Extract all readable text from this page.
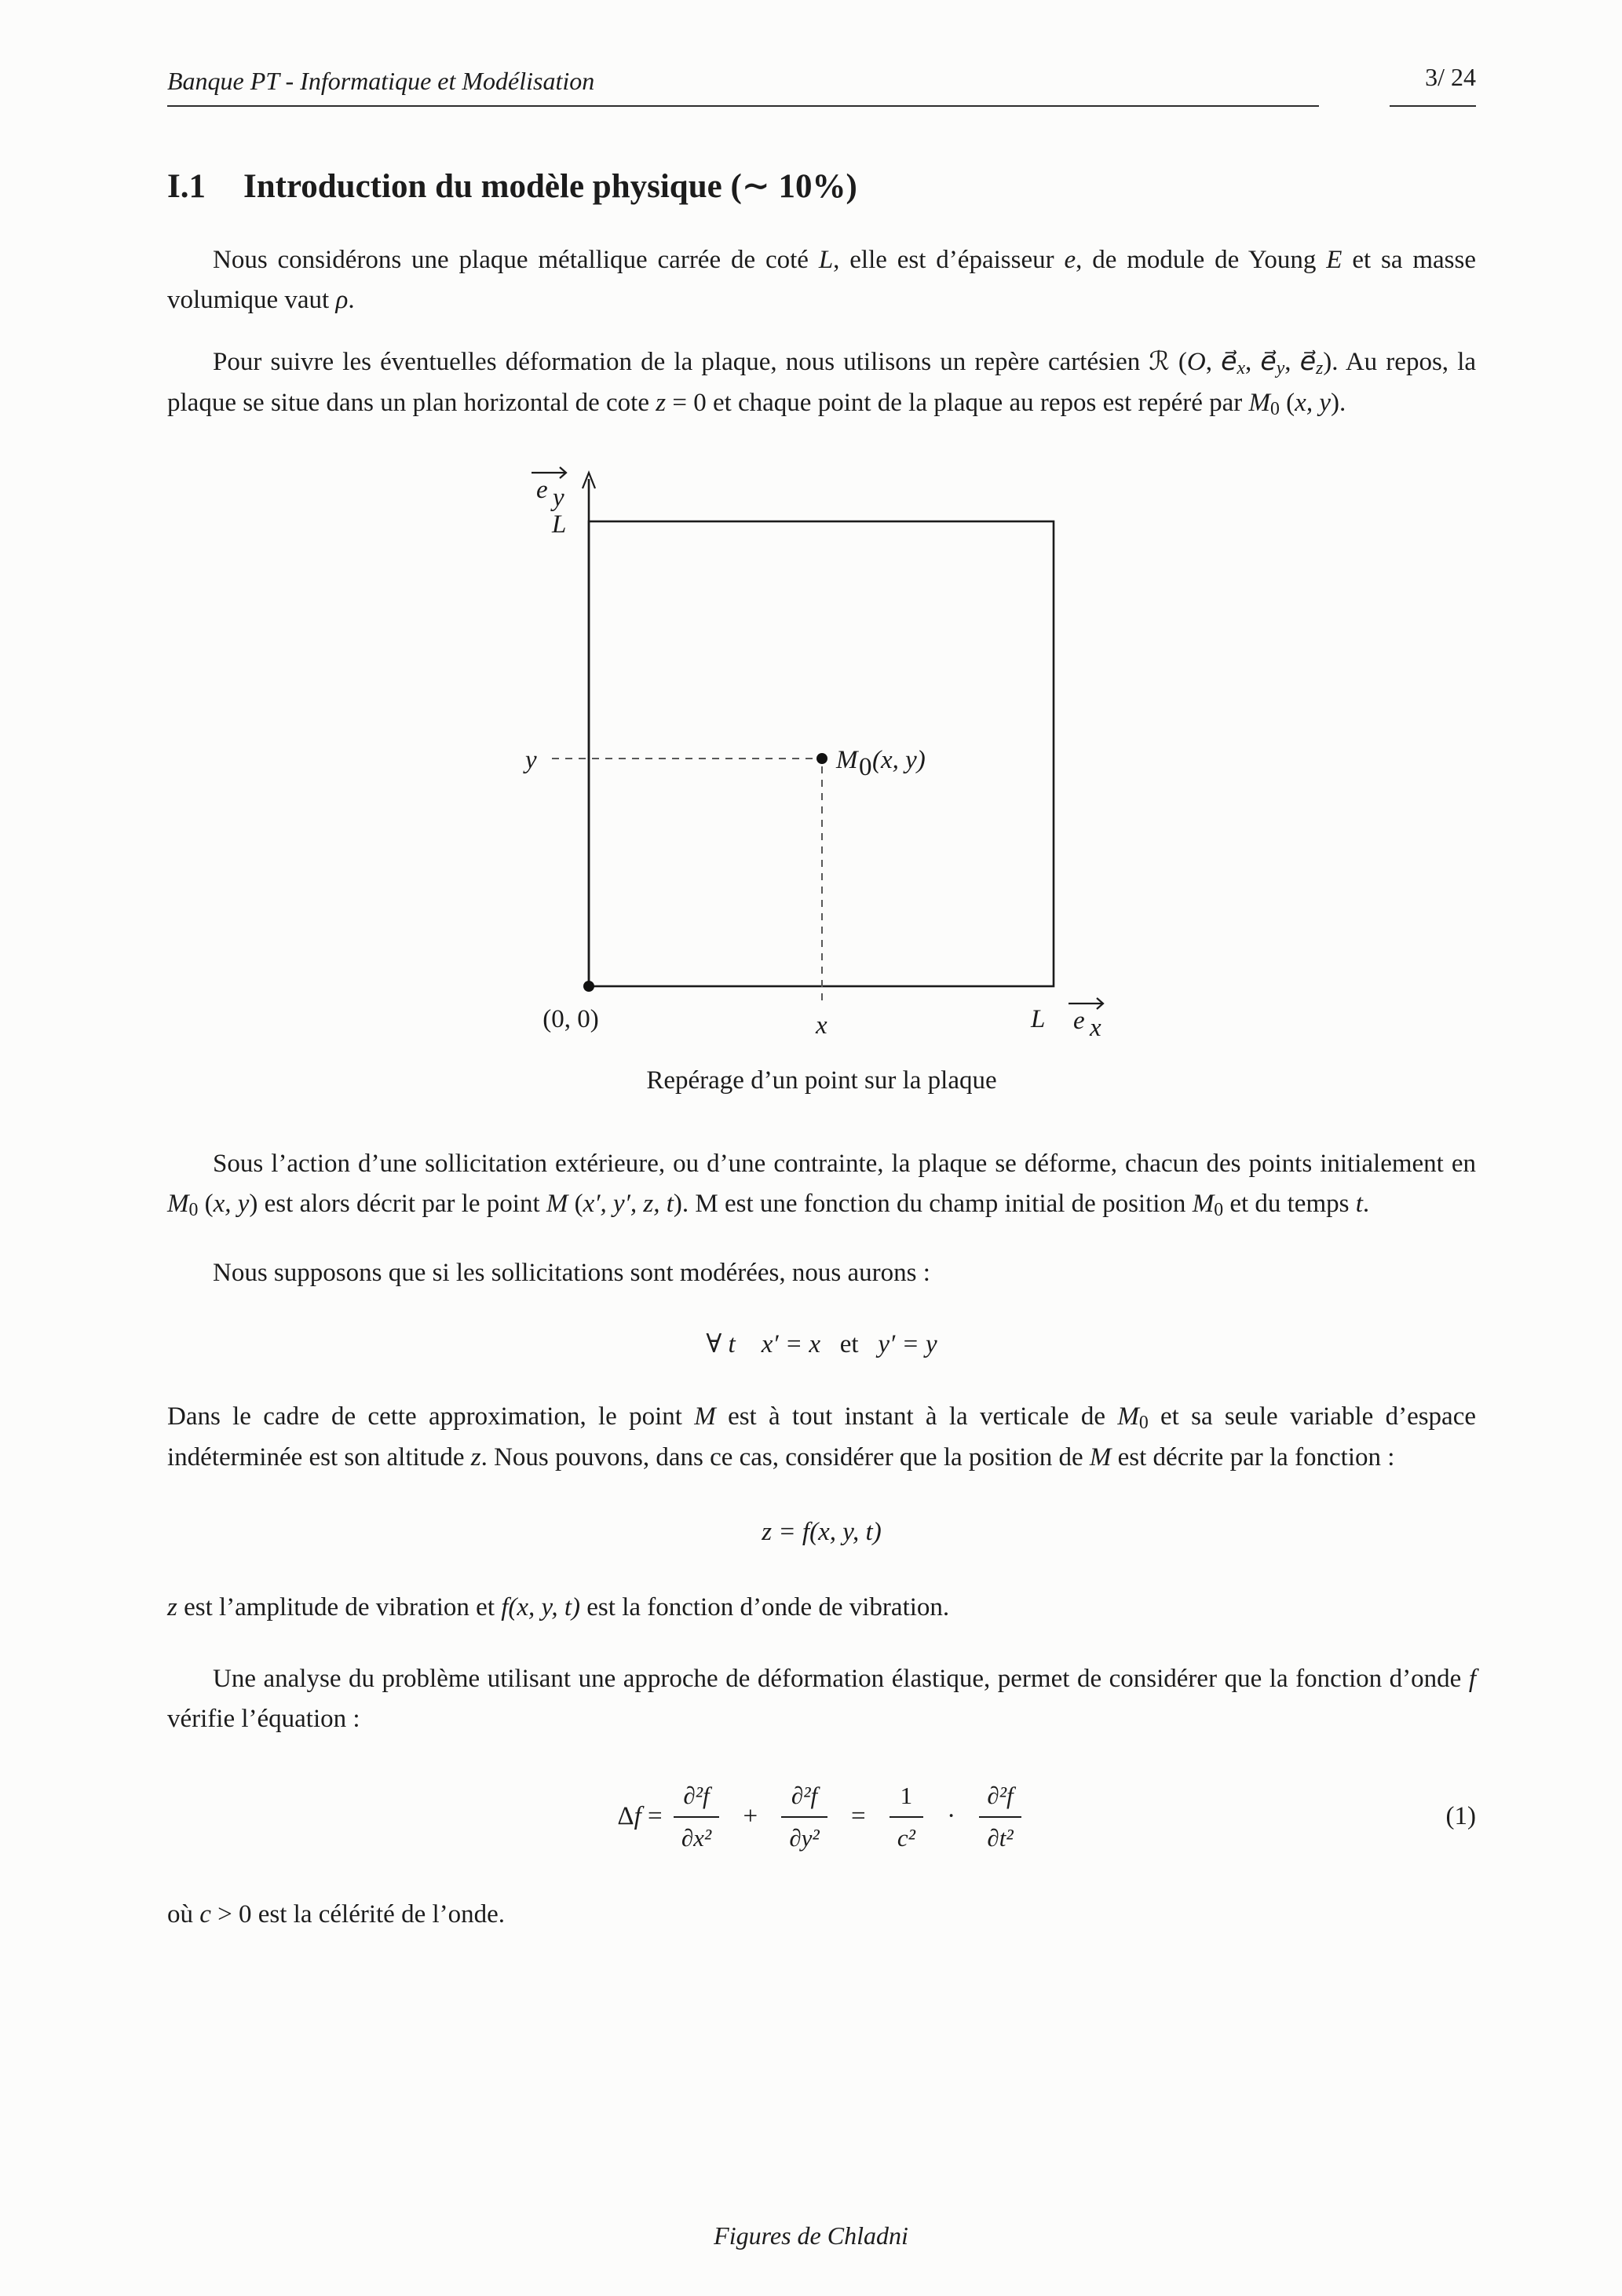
Banque PT - Informatique et Modélisation	3/ 24
I.1 Introduction du modèle physique (∼ 10%)

Nous considérons une plaque métallique carrée de coté L, elle est d’épaisseur e, de module de Young E et sa masse volumique vaut ρ.

Pour suivre les éventuelles déformation de la plaque, nous utilisons un repère cartésien ℛ (O, e⃗x, e⃗y, e⃗z). Au repos, la plaque se situe dans un plan horizontal de cote z = 0 et chaque point de la plaque au repos est repéré par M0 (x, y).

e y
L
y	M 0 (x, y)
x
(0, 0)	L e x
Repérage d’un point sur la plaque

Sous l’action d’une sollicitation extérieure, ou d’une contrainte, la plaque se déforme, chacun des points initialement en M0 (x, y) est alors décrit par le point M (x′, y′, z, t). M est une fonction du champ initial de position M0 et du temps t.

Nous supposons que si les sollicitations sont modérées, nous aurons :

∀ t x′ = x   et   y′ = y

Dans le cadre de cette approximation, le point M est à tout instant à la verticale de M0 et sa seule variable d’espace indéterminée est son altitude z. Nous pouvons, dans ce cas, considérer que la position de M est décrite par la fonction :

z = f(x, y, t)

z est l’amplitude de vibration et f(x, y, t) est la fonction d’onde de vibration.

Une analyse du problème utilisant une approche de déformation élastique, permet de considérer que la fonction d’onde f vérifie l’équation :

$\Delta f = \frac{\text{∂²f}}{\text{∂x²}} + \frac{\text{∂²f}}{\text{∂y²}} = \frac{1}{\text{c²}} \cdot \frac{\text{∂²f}}{\text{∂t²}}$	(1)

où c > 0 est la célérité de l’onde.

Figures de Chladni
